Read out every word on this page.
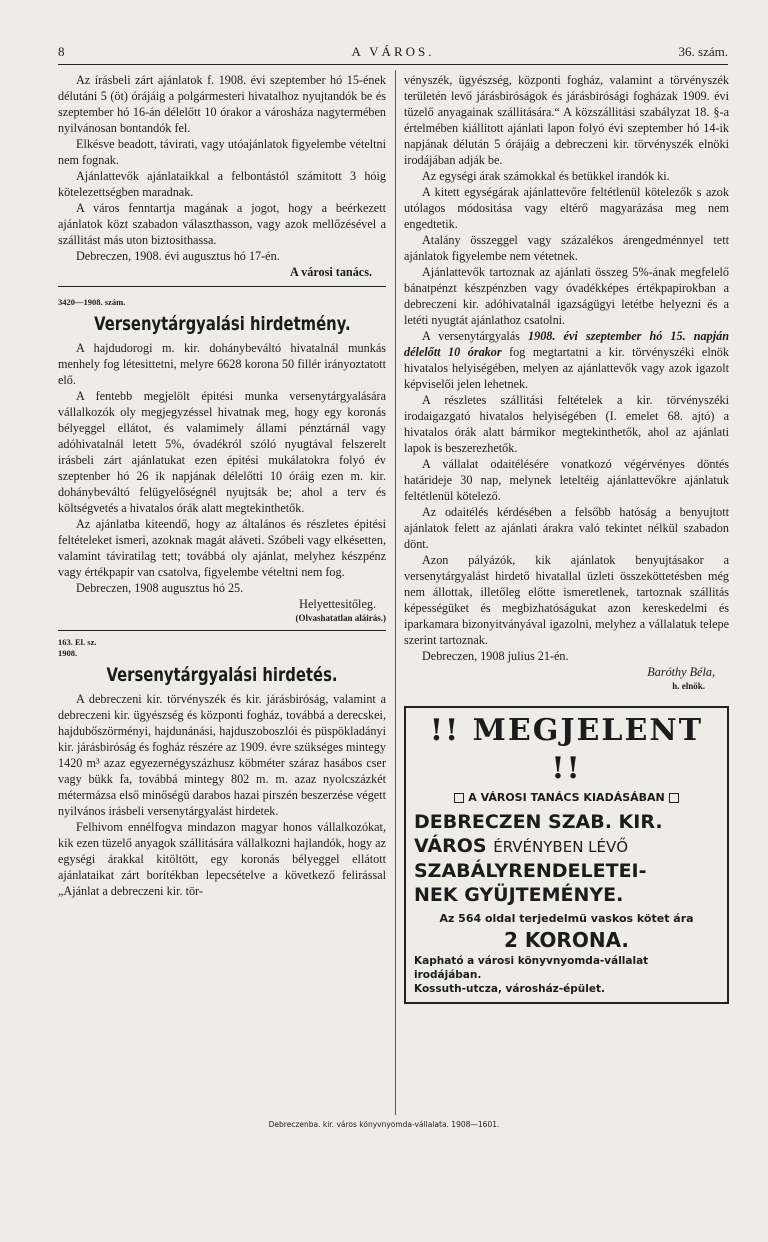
8	A VÁROS.	36. szám.

Az írásbeli zárt ajánlatok f. 1908. évi szeptember hó 15-ének délutáni 5 (öt) órájáig a polgármesteri hivatalhoz nyujtandók be és szeptember hó 16-án délelőtt 10 órakor a városháza nagytermében nyilvánosan bontandók fel.

Elkésve beadott, távirati, vagy utóajánlatok figyelembe vételtni nem fognak.

Ajánlattevők ajánlataikkal a felbontástól számitott 3 hóig kötelezettségben maradnak.

A város fenntartja magának a jogot, hogy a beérkezett ajánlatok közt szabadon választhasson, vagy azok mellőzésével a szállitást más uton biztosithassa.

Debreczen, 1908. évi augusztus hó 17-én.

A városi tanács.

3420—1908. szám.

Versenytárgyalási hirdetmény.

A hajdudorogi m. kir. dohánybeváltó hivatalnál munkás menhely fog létesittetni, melyre 6628 korona 50 fillér irányoztatott elő.

A fentebb megjelölt épitési munka versenytárgyalására vállalkozók oly megjegyzéssel hivatnak meg, hogy egy koronás bélyeggel ellátot, és valamimely állami pénztárnál vagy adóhivatalnál letett 5%, óvadékról szóló nyugtával felszerelt irásbeli zárt ajánlatukat ezen épitési mukálatokra folyó év szeptenber hó 26 ik napjának délelőtti 10 óráig ezen m. kir. dohánybeváltó felügyelőségnél nyujtsák be; ahol a terv és költségvetés a hivatalos órák alatt megtekinthetők.

Az ajánlatba kiteendő, hogy az általános és részletes épitési feltételeket ismeri, azoknak magát aláveti. Szóbeli vagy elkésetten, valamint táviratilag tett; továbbá oly ajánlat, melyhez készpénz vagy értékpapir van csatolva, figyelembe vételtni nem fog.

Debreczen, 1908 augusztus hó 25.

Helyettesitőleg.

(Olvashatatlan aláirás.)

163. El. sz.

1908.

Versenytárgyalási hirdetés.

A debreczeni kir. törvényszék és kir. járásbiróság, valamint a debreczeni kir. ügyészség és központi fogház, továbbá a derecskei, hajdubőszörményi, hajdunánási, hajduszoboszlói és püspökladányi kir. járásbiróság és fogház részére az 1909. évre szükséges mintegy 1420 m³ azaz egyezernégyszázhusz köbméter száraz hasábos cser vagy bükk fa, továbbá mintegy 802 m. m. azaz nyolcszázkét métermázsa első minőségü darabos hazai pirszén beszerzése végett nyilvános irásbeli versenytárgyalást hirdetek.

Felhivom ennélfogva mindazon magyar honos vállalkozókat, kik ezen tüzelő anyagok szállitására vállalkozni hajlandók, hogy az egységi árakkal kitöltött, egy koronás bélyeggel ellátott ajánlataikat zárt borítékban lepecsételve a következő felirással „Ajánlat a debreczeni kir. tör-

vényszék, ügyészség, központi fogház, valamint a törvényszék területén levő járásbiróságok és járásbirósági fogházak 1909. évi tüzelő anyagainak szállitására.“ A közszállitási szabályzat 18. §-a értelmében kiállitott ajánlati lapon folyó évi szeptember hó 14-ik napjának délután 5 órájáig a debreczeni kir. törvényszék elnöki irodájában adják be.

Az egységi árak számokkal és betükkel irandók ki.

A kitett egységárak ajánlattevőre feltétlenül kötelezők s azok utólagos módositása vagy eltérő magyarázása meg nem engedtetik.

Atalány összeggel vagy százalékos árengedménnyel tett ajánlatok figyelembe nem vétetnek.

Ajánlattevők tartoznak az ajánlati összeg 5%-ának megfelelő bánatpénzt készpénzben vagy óvadékképes értékpapirokban a debreczeni kir. adóhivatalnál igazságügyi letétbe helyezni és a letéti nyugtát ajánlathoz csatolni.

A versenytárgyalás 1908. évi szeptember hó 15. napján délelőtt 10 órakor fog megtartatni a kir. törvényszéki elnök hivatalos helyiségében, melyen az ajánlattevők vagy azok igazolt képviselői jelen lehetnek.

A részletes szállitási feltételek a kir. törvényszéki irodaigazgató hivatalos helyiségében (I. emelet 68. ajtó) a hivatalos órák alatt bármikor megtekinthetők, ahol az ajánlati lapok is beszerezhetők.

A vállalat odaitélésére vonatkozó végérvényes döntés határideje 30 nap, melynek leteltéig ajánlattevőkre ajánlatuk feltétlenül kötelező.

Az odaitélés kérdésében a felsőbb hatóság a benyujtott ajánlatok felett az ajánlati árakra való tekintet nélkül szabadon dönt.

Azon pályázók, kik ajánlatok benyujtásakor a versenytárgyalást hirdető hivatallal üzleti összeköttetésben még nem állottak, illetőleg előtte ismeretlenek, tartoznak szállitás képességüket és megbizhatóságukat azon kereskedelmi és iparkamara bizonyitványával igazolni, melyhez a vállalatuk telepe szerint tartoznak.

Debreczen, 1908 julius 21-én.

Baróthy Béla,

h. elnök.

!! MEGJELENT !!
A VÁROSI TANÁCS KIADÁSÁBAN
DEBRECZEN SZAB. KIR.
VÁROS ÉRVÉNYBEN LÉVŐ
SZABÁLYRENDELETEI-
NEK GYÜJTEMÉNYE.
Az 564 oldal terjedelmü vaskos kötet ára
2 KORONA.
Kapható a városi könyvnyomda-vállalat irodájában.
Kossuth-utcza, városház-épület.
Debreczenba. kir. város könyvnyomda-vállalata. 1908—1601.
